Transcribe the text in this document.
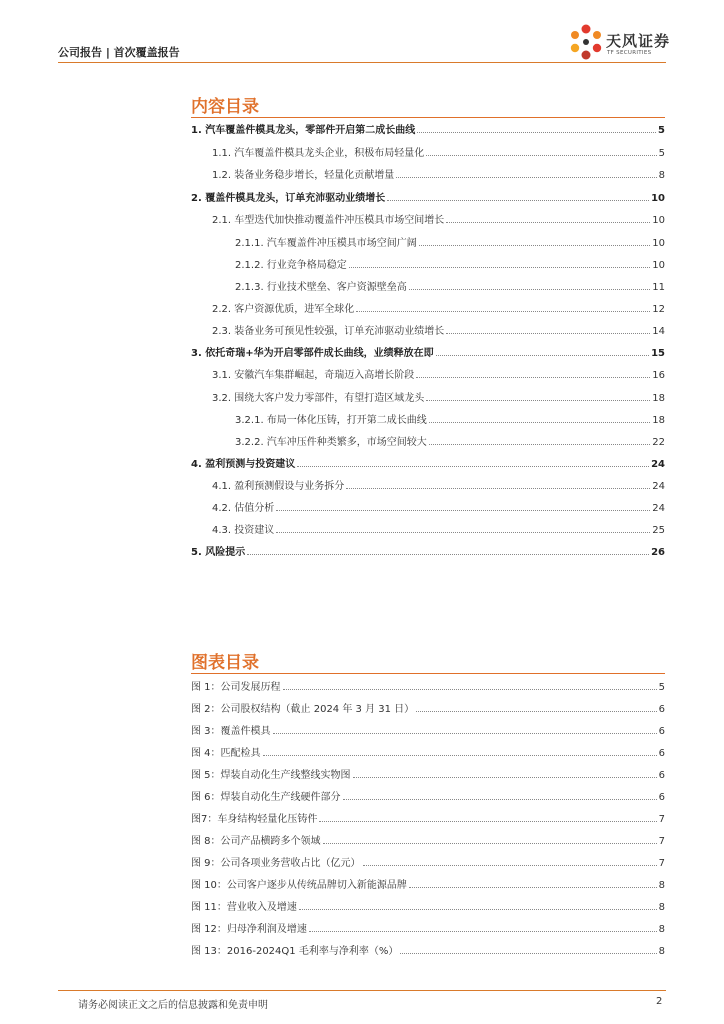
公司报告 | 首次覆盖报告
天风证券
TF SECURITIES
内容目录
1. 汽车覆盖件模具龙头，零部件开启第二成长曲线	5
1.1. 汽车覆盖件模具龙头企业，积极布局轻量化	5
1.2. 装备业务稳步增长，轻量化贡献增量	8
2. 覆盖件模具龙头，订单充沛驱动业绩增长	10
2.1. 车型迭代加快推动覆盖件冲压模具市场空间增长	10
2.1.1. 汽车覆盖件冲压模具市场空间广阔	10
2.1.2. 行业竞争格局稳定	10
2.1.3. 行业技术壁垒、客户资源壁垒高	11
2.2. 客户资源优质，进军全球化	12
2.3. 装备业务可预见性较强，订单充沛驱动业绩增长	14
3. 依托奇瑞+华为开启零部件成长曲线，业绩释放在即	15
3.1. 安徽汽车集群崛起，奇瑞迈入高增长阶段	16
3.2. 围绕大客户发力零部件，有望打造区域龙头	18
3.2.1. 布局一体化压铸，打开第二成长曲线	18
3.2.2. 汽车冲压件种类繁多，市场空间较大	22
4. 盈利预测与投资建议	24
4.1. 盈利预测假设与业务拆分	24
4.2. 估值分析	24
4.3. 投资建议	25
5. 风险提示	26
图表目录
图 1：公司发展历程	5
图 2：公司股权结构（截止 2024 年 3 月 31 日）	6
图 3：覆盖件模具	6
图 4：匹配检具	6
图 5：焊装自动化生产线整线实物图	6
图 6：焊装自动化生产线硬件部分	6
图7：车身结构轻量化压铸件	7
图 8：公司产品横跨多个领域	7
图 9：公司各项业务营收占比（亿元）	7
图 10：公司客户逐步从传统品牌切入新能源品牌	8
图 11：营业收入及增速	8
图 12：归母净利润及增速	8
图 13：2016-2024Q1 毛利率与净利率（%）	8
请务必阅读正文之后的信息披露和免责申明	2
